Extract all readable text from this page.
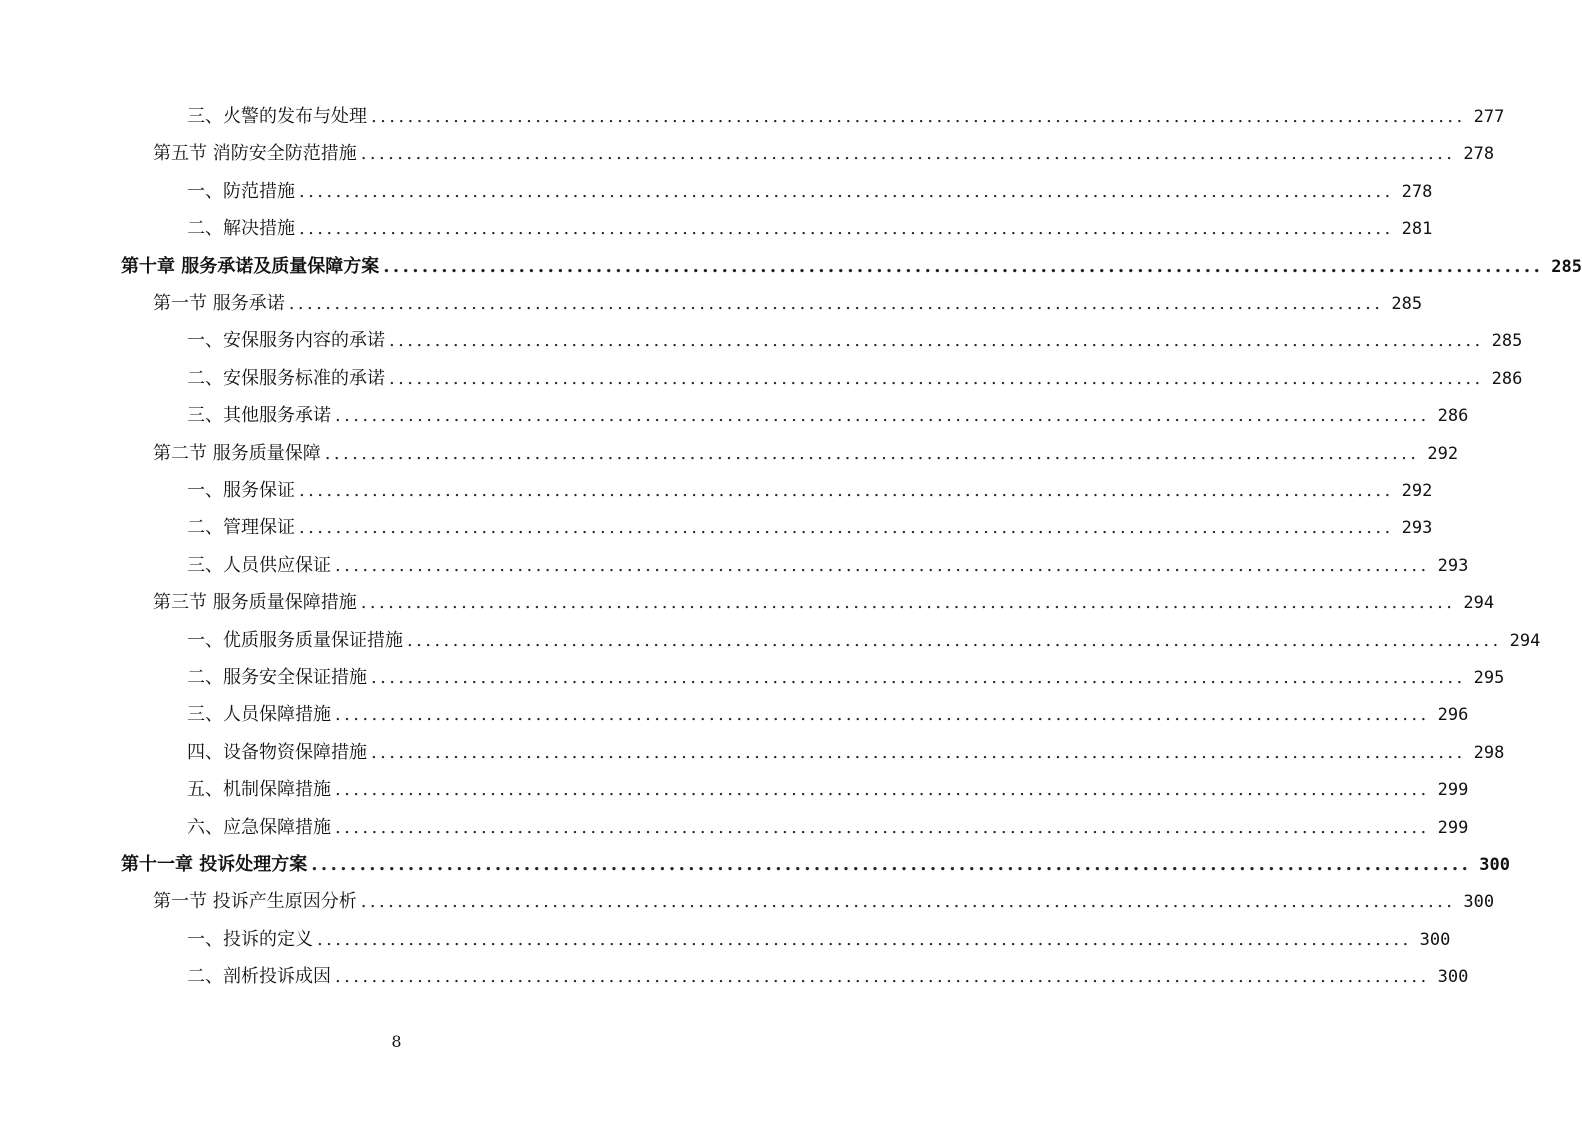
三、火警的发布与处理 ........................................................................................................................ 277
第五节 消防安全防范措施 ........................................................................................................................ 278
一、防范措施 ........................................................................................................................ 278
二、解决措施 ........................................................................................................................ 281
第十章 服务承诺及质量保障方案 ........................................................................................................................ 285
第一节 服务承诺 ........................................................................................................................ 285
一、安保服务内容的承诺 ........................................................................................................................ 285
二、安保服务标准的承诺 ........................................................................................................................ 286
三、其他服务承诺 ........................................................................................................................ 286
第二节 服务质量保障 ........................................................................................................................ 292
一、服务保证 ........................................................................................................................ 292
二、管理保证 ........................................................................................................................ 293
三、人员供应保证 ........................................................................................................................ 293
第三节 服务质量保障措施 ........................................................................................................................ 294
一、优质服务质量保证措施 ........................................................................................................................ 294
二、服务安全保证措施 ........................................................................................................................ 295
三、人员保障措施 ........................................................................................................................ 296
四、设备物资保障措施 ........................................................................................................................ 298
五、机制保障措施 ........................................................................................................................ 299
六、应急保障措施 ........................................................................................................................ 299
第十一章 投诉处理方案 ........................................................................................................................ 300
第一节 投诉产生原因分析 ........................................................................................................................ 300
一、投诉的定义 ........................................................................................................................ 300
二、剖析投诉成因 ........................................................................................................................ 300
8
